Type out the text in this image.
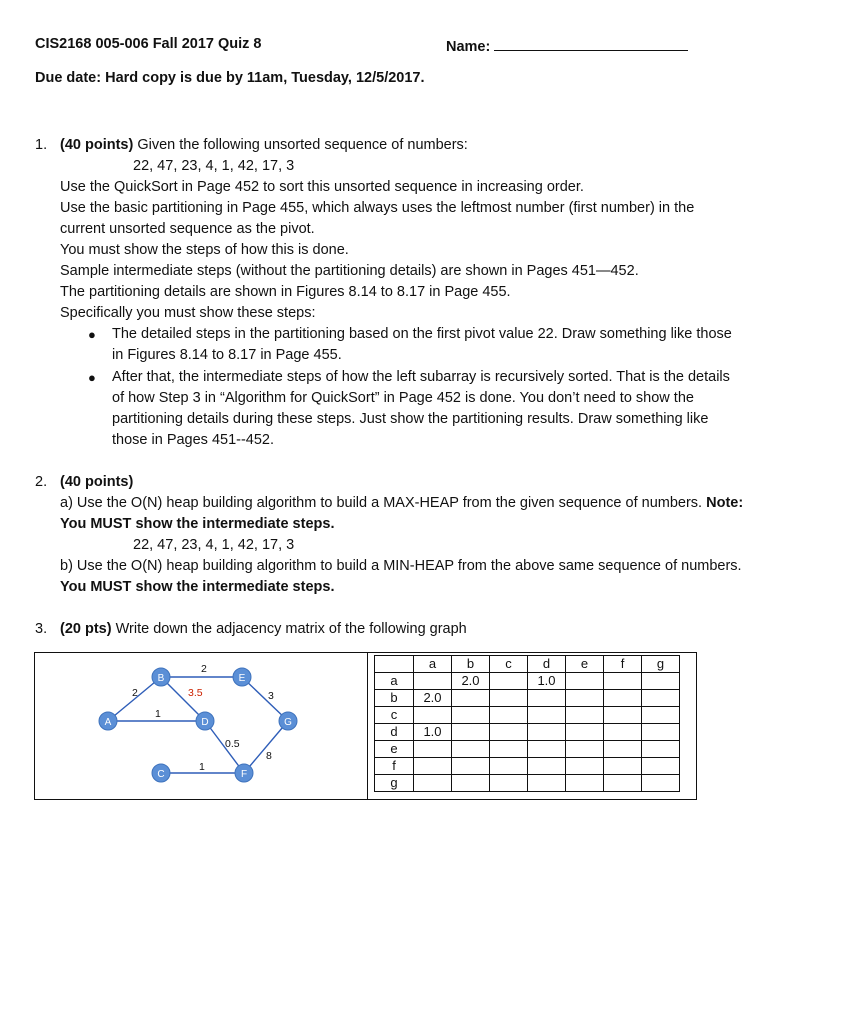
CIS2168 005-006 Fall 2017 Quiz 8	Name:
Due date: Hard copy is due by 11am, Tuesday, 12/5/2017.
1. (40 points) Given the following unsorted sequence of numbers:
22, 47, 23, 4, 1, 42, 17, 3
Use the QuickSort in Page 452 to sort this unsorted sequence in increasing order.
Use the basic partitioning in Page 455, which always uses the leftmost number (first number) in the
current unsorted sequence as the pivot.
You must show the steps of how this is done.
Sample intermediate steps (without the partitioning details) are shown in Pages 451—452.
The partitioning details are shown in Figures 8.14 to 8.17 in Page 455.
Specifically you must show these steps:
● The detailed steps in the partitioning based on the first pivot value 22. Draw something like those
in Figures 8.14 to 8.17 in Page 455.
● After that, the intermediate steps of how the left subarray is recursively sorted. That is the details
of how Step 3 in “Algorithm for QuickSort” in Page 452 is done. You don’t need to show the
partitioning details during these steps. Just show the partitioning results. Draw something like
those in Pages 451--452.
2. (40 points)
a) Use the O(N) heap building algorithm to build a MAX-HEAP from the given sequence of numbers. Note:
You MUST show the intermediate steps.
22, 47, 23, 4, 1, 42, 17, 3
b) Use the O(N) heap building algorithm to build a MIN-HEAP from the above same sequence of numbers.
You MUST show the intermediate steps.
3. (20 pts) Write down the adjacency matrix of the following graph
2
2
3.5
1
3
0.5
8
1
A
B
C
D
E
F
G
	a	b	c	d	e	f	g
a		2.0		1.0			
b	2.0						
c							
d	1.0						
e							
f							
g							
